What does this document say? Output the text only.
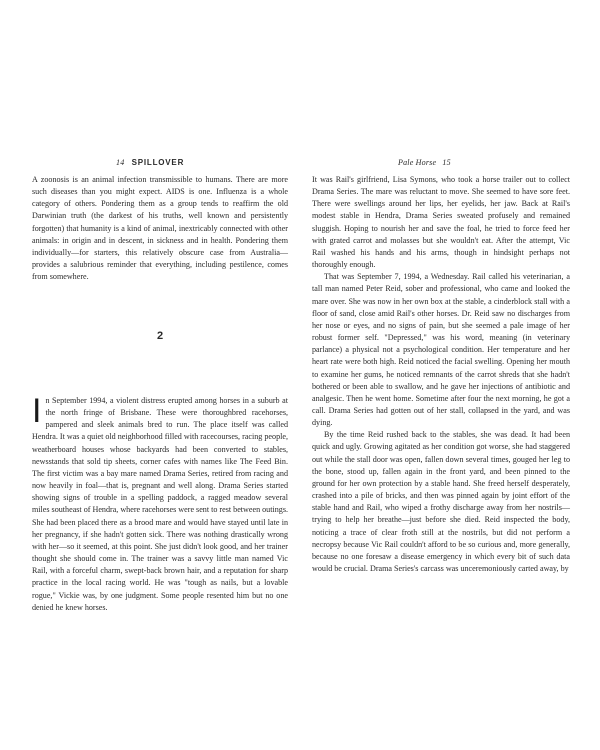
14 SPILLOVER

A zoonosis is an animal infection transmissible to humans. There are more such diseases than you might expect. AIDS is one. Influenza is a whole category of others. Pondering them as a group tends to reaffirm the old Darwinian truth (the darkest of his truths, well known and persistently forgotten) that humanity is a kind of animal, inextricably connected with other animals: in origin and in descent, in sickness and in health. Pondering them individually—for starters, this relatively obscure case from Australia—provides a salubrious reminder that everything, including pestilence, comes from somewhere.

2
I n September 1994, a violent distress erupted among horses in a suburb at the north fringe of Brisbane. These were thoroughbred racehorses, pampered and sleek animals bred to run. The place itself was called Hendra. It was a quiet old neighborhood filled with racecourses, racing people, weatherboard houses whose backyards had been converted to stables, newsstands that sold tip sheets, corner cafes with names like The Feed Bin. The first victim was a bay mare named Drama Series, retired from racing and now heavily in foal—that is, pregnant and well along. Drama Series started showing signs of trouble in a spelling paddock, a ragged meadow several miles southeast of Hendra, where racehorses were sent to rest between outings. She had been placed there as a brood mare and would have stayed until late in her pregnancy, if she hadn't gotten sick. There was nothing drastically wrong with her—so it seemed, at this point. She just didn't look good, and her trainer thought she should come in. The trainer was a savvy little man named Vic Rail, with a forceful charm, swept-back brown hair, and a reputation for sharp practice in the local racing world. He was "tough as nails, but a lovable rogue," Vickie was, by one judgment. Some people resented him but no one denied he knew horses.
Pale Horse 15

It was Rail's girlfriend, Lisa Symons, who took a horse trailer out to collect Drama Series. The mare was reluctant to move. She seemed to have sore feet. There were swellings around her lips, her eyelids, her jaw. Back at Rail's modest stable in Hendra, Drama Series sweated profusely and remained sluggish. Hoping to nourish her and save the foal, he tried to force feed her with grated carrot and molasses but she wouldn't eat. After the attempt, Vic Rail washed his hands and his arms, though in hindsight perhaps not thoroughly enough.

That was September 7, 1994, a Wednesday. Rail called his veterinarian, a tall man named Peter Reid, sober and professional, who came and looked the mare over. She was now in her own box at the stable, a cinderblock stall with a floor of sand, close amid Rail's other horses. Dr. Reid saw no discharges from her nose or eyes, and no signs of pain, but she seemed a pale image of her robust former self. "Depressed," was his word, meaning (in veterinary parlance) a physical not a psychological condition. Her temperature and her heart rate were both high. Reid noticed the facial swelling. Opening her mouth to examine her gums, he noticed remnants of the carrot shreds that she hadn't bothered or been able to swallow, and he gave her injections of antibiotic and analgesic. Then he went home. Sometime after four the next morning, he got a call. Drama Series had gotten out of her stall, collapsed in the yard, and was dying.

By the time Reid rushed back to the stables, she was dead. It had been quick and ugly. Growing agitated as her condition got worse, she had staggered out while the stall door was open, fallen down several times, gouged her leg to the bone, stood up, fallen again in the front yard, and been pinned to the ground for her own protection by a stable hand. She freed herself desperately, crashed into a pile of bricks, and then was pinned again by joint effort of the stable hand and Rail, who wiped a frothy discharge away from her nostrils—trying to help her breathe—just before she died. Reid inspected the body, noticing a trace of clear froth still at the nostrils, but did not perform a necropsy because Vic Rail couldn't afford to be so curious and, more generally, because no one foresaw a disease emergency in which every bit of such data would be crucial. Drama Series's carcass was unceremoniously carted away, by
